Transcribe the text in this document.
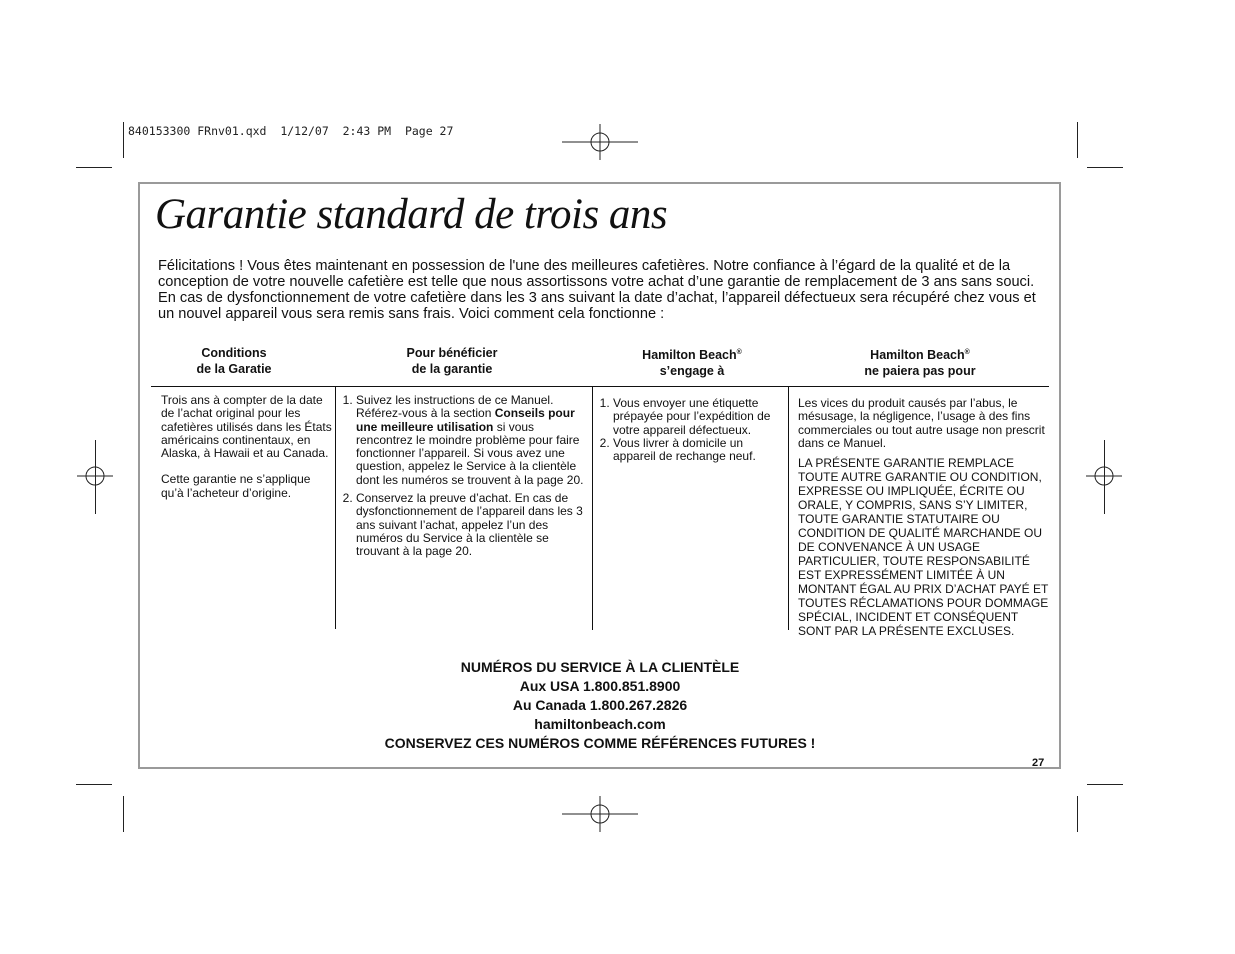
840153300 FRnv01.qxd  1/12/07  2:43 PM  Page 27
Garantie standard de trois ans

Félicitations ! Vous êtes maintenant en possession de l'une des meilleures cafetières. Notre confiance à l’égard de la qualité et de la conception de votre nouvelle cafetière est telle que nous assortissons votre achat d’une garantie de remplacement de 3 ans sans souci. En cas de dysfonctionnement de votre cafetière dans les 3 ans suivant la date d’achat, l’appareil défectueux sera récupéré chez vous et un nouvel appareil vous sera remis sans frais. Voici comment cela fonctionne :

Conditions
de la Garatie
Pour bénéficier
de la garantie
Hamilton Beach®
s’engage à
Hamilton Beach®
ne paiera pas pour

Trois ans à compter de la date de l’achat original pour les cafetières utilisés dans les États américains continentaux, en Alaska, à Hawaii et au Canada.

Cette garantie ne s’applique qu’à l’acheteur d’origine.

1. Suivez les instructions de ce Manuel. Référez-vous à la section Conseils pour une meilleure utilisation si vous rencontrez le moindre problème pour faire fonctionner l’appareil. Si vous avez une question, appelez le Service à la clientèle dont les numéros se trouvent à la page 20.
2. Conservez la preuve d’achat. En cas de dysfonctionnement de l’appareil dans les 3 ans suivant l’achat, appelez l’un des numéros du Service à la clientèle se trouvant à la page 20.
1. Vous envoyer une étiquette prépayée pour l’expédition de votre appareil défectueux.
2. Vous livrer à domicile un appareil de rechange neuf.

Les vices du produit causés par l’abus, le mésusage, la négligence, l’usage à des fins commerciales ou tout autre usage non prescrit dans ce Manuel.

LA PRÉSENTE GARANTIE REMPLACE TOUTE AUTRE GARANTIE OU CONDITION, EXPRESSE OU IMPLIQUÉE, ÉCRITE OU ORALE, Y COMPRIS, SANS S’Y LIMITER, TOUTE GARANTIE STATUTAIRE OU CONDITION DE QUALITÉ MARCHANDE OU DE CONVENANCE À UN USAGE PARTICULIER, TOUTE RESPONSABILITÉ EST EXPRESSÉMENT LIMITÉE À UN MONTANT ÉGAL AU PRIX D’ACHAT PAYÉ ET TOUTES RÉCLAMATIONS POUR DOMMAGE SPÉCIAL, INCIDENT ET CONSÉQUENT SONT PAR LA PRÉSENTE EXCLUSES.

NUMÉROS DU SERVICE À LA CLIENTÈLE
Aux USA 1.800.851.8900
Au Canada 1.800.267.2826
hamiltonbeach.com
CONSERVEZ CES NUMÉROS COMME RÉFÉRENCES FUTURES !
27
